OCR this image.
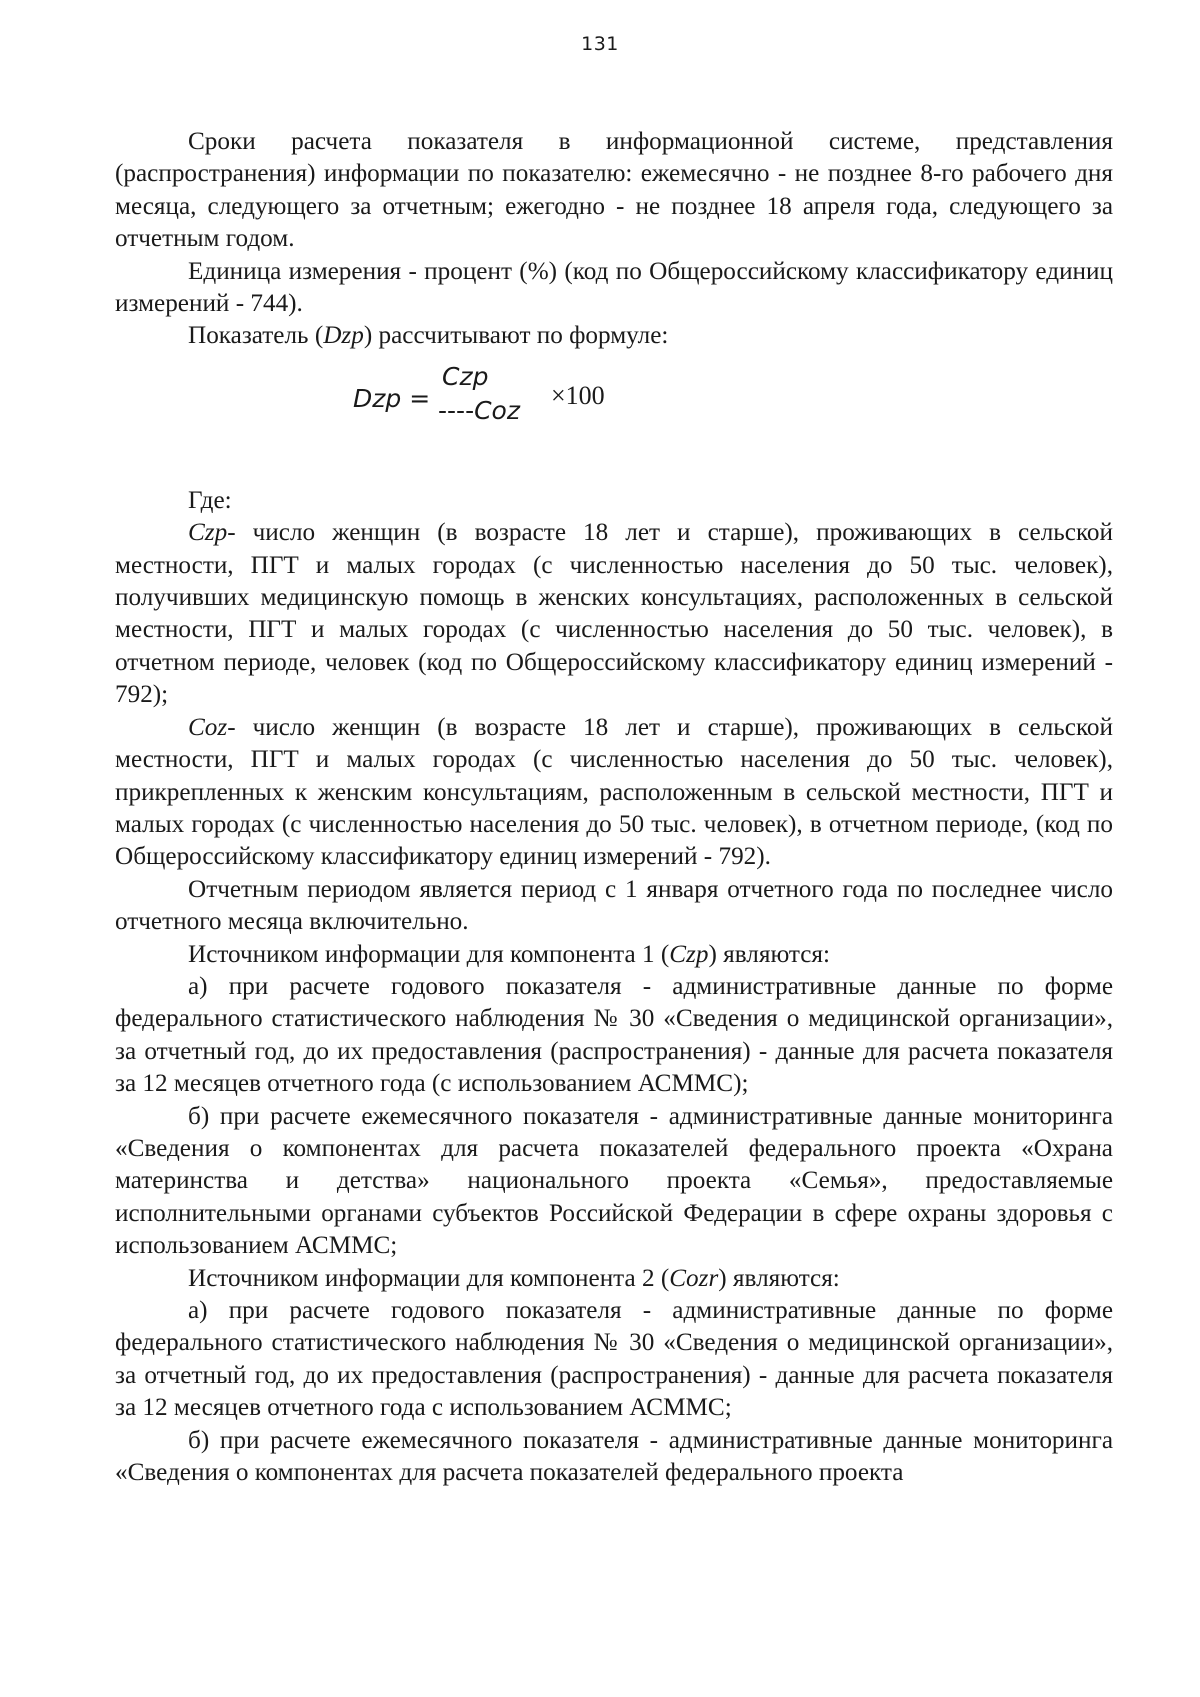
131

Сроки расчета показателя в информационной системе, представления (распространения) информации по показателю: ежемесячно - не позднее 8-го рабочего дня месяца, следующего за отчетным; ежегодно - не позднее 18 апреля года, следующего за отчетным годом.

Единица измерения - процент (%) (код по Общероссийскому классификатору единиц измерений - 744).

Показатель (Dzp) рассчитывают по формуле:

Dzp =
Czp
----Coz
×100

Где:

Czp- число женщин (в возрасте 18 лет и старше), проживающих в сельской местности, ПГТ и малых городах (с численностью населения до 50 тыс. человек), получивших медицинскую помощь в женских консультациях, расположенных в сельской местности, ПГТ и малых городах (с численностью населения до 50 тыс. человек), в отчетном периоде, человек (код по Общероссийскому классификатору единиц измерений - 792);

Coz- число женщин (в возрасте 18 лет и старше), проживающих в сельской местности, ПГТ и малых городах (с численностью населения до 50 тыс. человек), прикрепленных к женским консультациям, расположенным в сельской местности, ПГТ и малых городах (с численностью населения до 50 тыс. человек), в отчетном периоде, (код по Общероссийскому классификатору единиц измерений - 792).

Отчетным периодом является период с 1 января отчетного года по последнее число отчетного месяца включительно.

Источником информации для компонента 1 (Czp) являются:

а) при расчете годового показателя - административные данные по форме федерального статистического наблюдения № 30 «Сведения о медицинской организации», за отчетный год, до их предоставления (распространения) - данные для расчета показателя за 12 месяцев отчетного года (с использованием АСММС);

б) при расчете ежемесячного показателя - административные данные мониторинга «Сведения о компонентах для расчета показателей федерального проекта «Охрана материнства и детства» национального проекта «Семья», предоставляемые исполнительными органами субъектов Российской Федерации в сфере охраны здоровья с использованием АСММС;

Источником информации для компонента 2 (Cozr) являются:

а) при расчете годового показателя - административные данные по форме федерального статистического наблюдения № 30 «Сведения о медицинской организации», за отчетный год, до их предоставления (распространения) - данные для расчета показателя за 12 месяцев отчетного года с использованием АСММС;

б) при расчете ежемесячного показателя - административные данные мониторинга «Сведения о компонентах для расчета показателей федерального проекта
